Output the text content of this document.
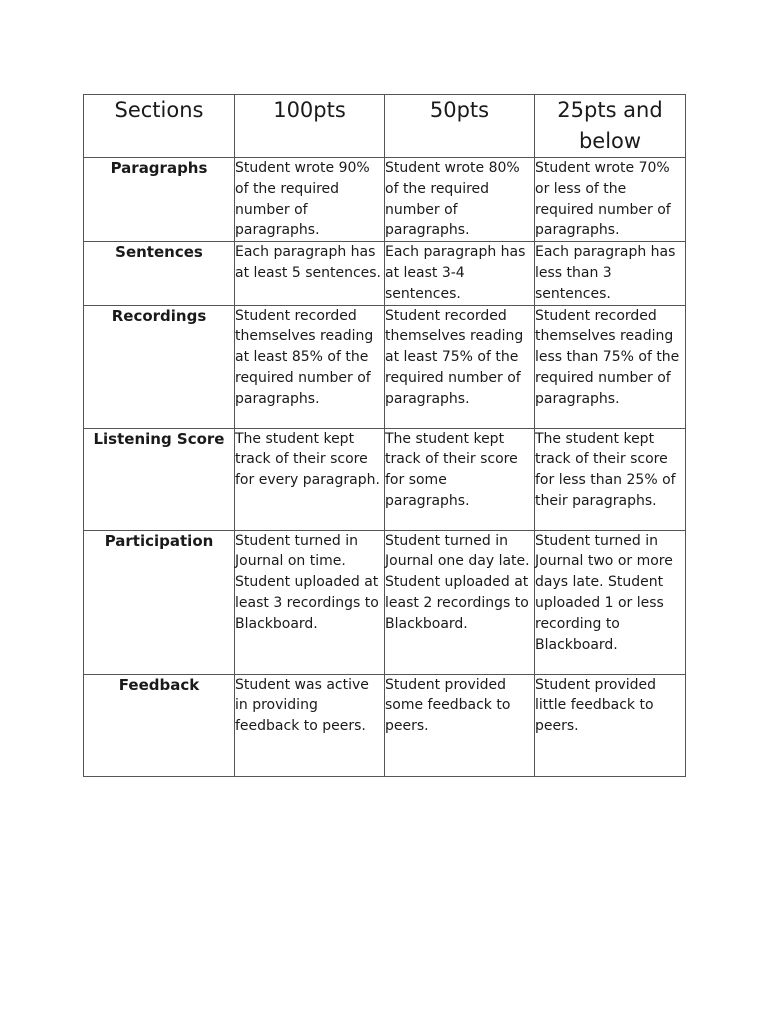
Sections	100pts	50pts	25pts and below
Paragraphs	Student wrote 90% of the required number of paragraphs.	Student wrote 80% of the required number of paragraphs.	Student wrote 70% or less of the required number of paragraphs.
Sentences	Each paragraph has at least 5 sentences.	Each paragraph has at least 3-4 sentences.	Each paragraph has less than 3 sentences.
Recordings	Student recorded themselves reading at least 85% of the required number of paragraphs.	Student recorded themselves reading at least 75% of the required number of paragraphs.	Student recorded themselves reading less than 75% of the required number of paragraphs.
Listening Score	The student kept track of their score for every paragraph.	The student kept track of their score for some paragraphs.	The student kept track of their score for less than 25% of their paragraphs.
Participation	Student turned in Journal on time. Student uploaded at least 3 recordings to Blackboard.	Student turned in Journal one day late. Student uploaded at least 2 recordings to Blackboard.	Student turned in Journal two or more days late. Student uploaded 1 or less recording to Blackboard.
Feedback	Student was active in providing feedback to peers.	Student provided some feedback to peers.	Student provided little feedback to peers.
